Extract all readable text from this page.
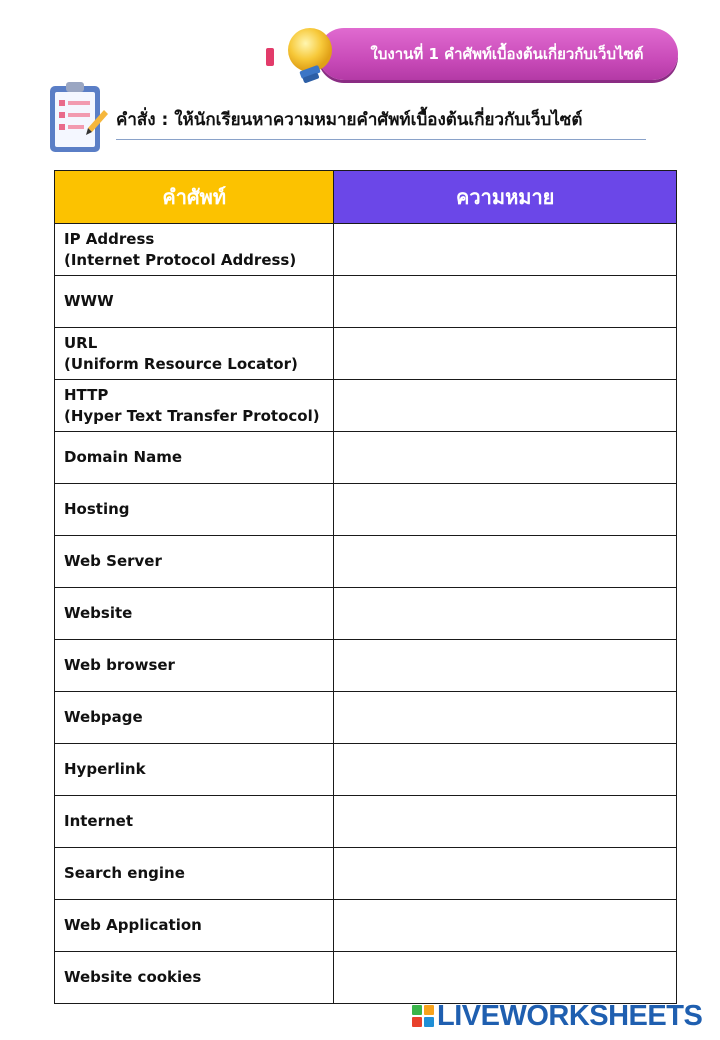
ใบงานที่ 1 คำศัพท์เบื้องต้นเกี่ยวกับเว็บไซต์
คำสั่ง : ให้นักเรียนหาความหมายคำศัพท์เบื้องต้นเกี่ยวกับเว็บไซต์
คำศัพท์	ความหมาย

IP Address
(Internet Protocol Address)	

WWW	

URL
(Uniform Resource Locator)	

HTTP
(Hyper Text Transfer Protocol)	

Domain Name	

Hosting	

Web Server	

Website	

Web browser	

Webpage	

Hyperlink	

Internet	

Search engine	

Web Application	

Website cookies	

LIVEWORKSHEETS
